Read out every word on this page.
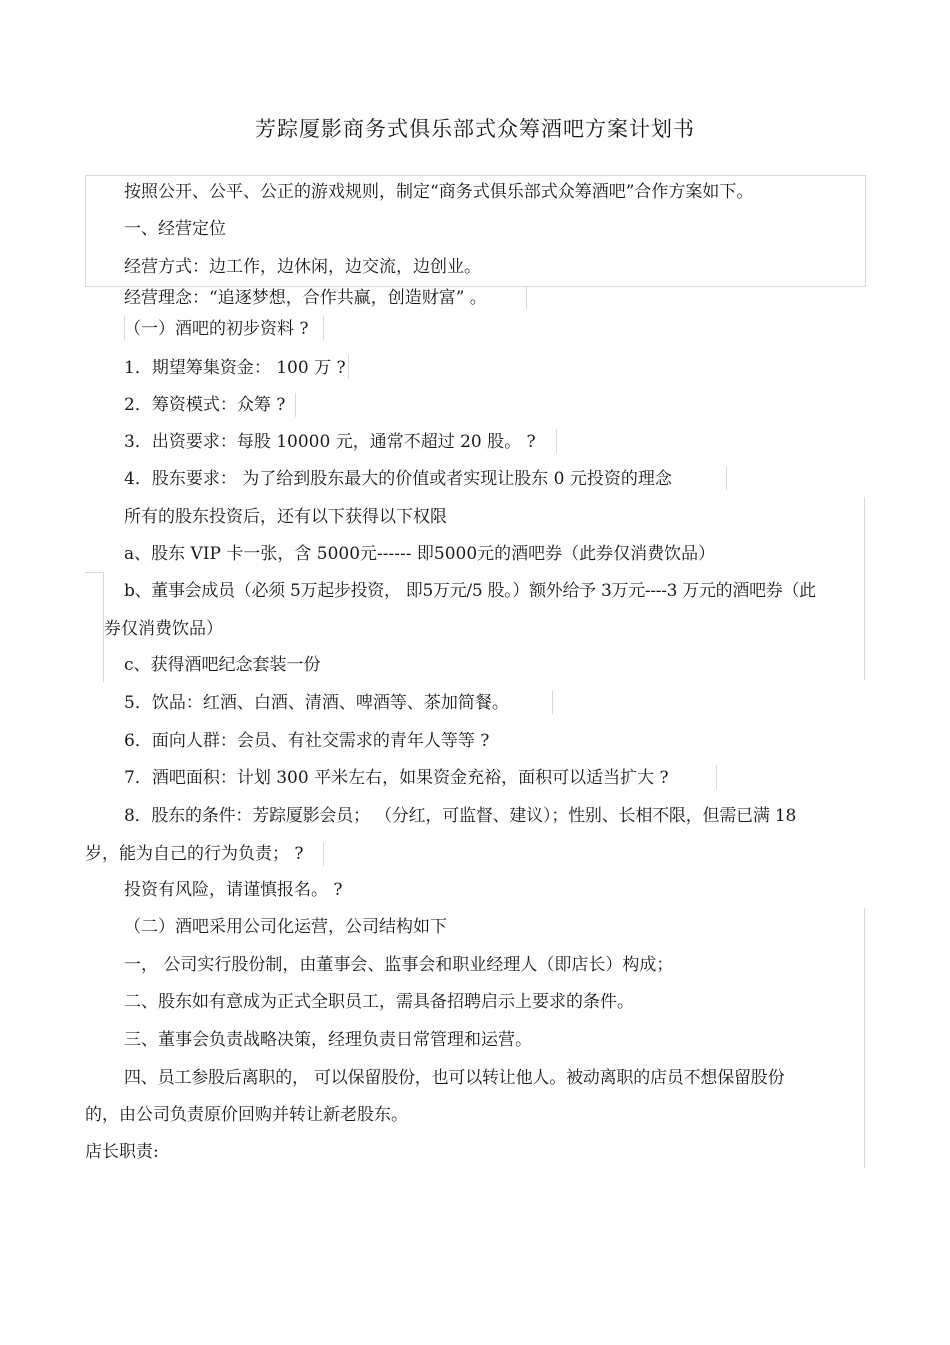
芳踪厦影商务式俱乐部式众筹酒吧方案计划书
按照公开、公平、公正的游戏规则，制定“商务式俱乐部式众筹酒吧”合作方案如下。
一、经营定位
经营方式：边工作，边休闲，边交流，边创业。
经营理念：“追逐梦想，合作共赢，创造财富” 。
（一）酒吧的初步资料 ?
1．期望筹集资金： 100 万 ?
2．筹资模式：众筹 ?
3．出资要求：每股 10000 元，通常不超过 20 股。 ?
4．股东要求： 为了给到股东最大的价值或者实现让股东 0 元投资的理念
所有的股东投资后，还有以下获得以下权限
a、股东 VIP 卡一张，含 5000元------ 即5000元的酒吧券（此券仅消费饮品）
b、董事会成员（必须 5万起步投资， 即5万元/5 股。）额外给予 3万元----3 万元的酒吧券（此
券仅消费饮品）
c、获得酒吧纪念套装一份
5．饮品：红酒、白酒、清酒、啤酒等、茶加简餐。
6．面向人群：会员、有社交需求的青年人等等 ?
7．酒吧面积：计划 300 平米左右，如果资金充裕，面积可以适当扩大 ?
8．股东的条件：芳踪厦影会员； （分红，可监督、建议）；性别、长相不限，但需已满 18
岁，能为自己的行为负责； ?
投资有风险，请谨慎报名。 ?
（二）酒吧采用公司化运营，公司结构如下
一， 公司实行股份制，由董事会、监事会和职业经理人（即店长）构成；
二、股东如有意成为正式全职员工，需具备招聘启示上要求的条件。
三、董事会负责战略决策，经理负责日常管理和运营。
四、员工参股后离职的， 可以保留股份，也可以转让他人。被动离职的店员不想保留股份
的，由公司负责原价回购并转让新老股东。
店长职责:
